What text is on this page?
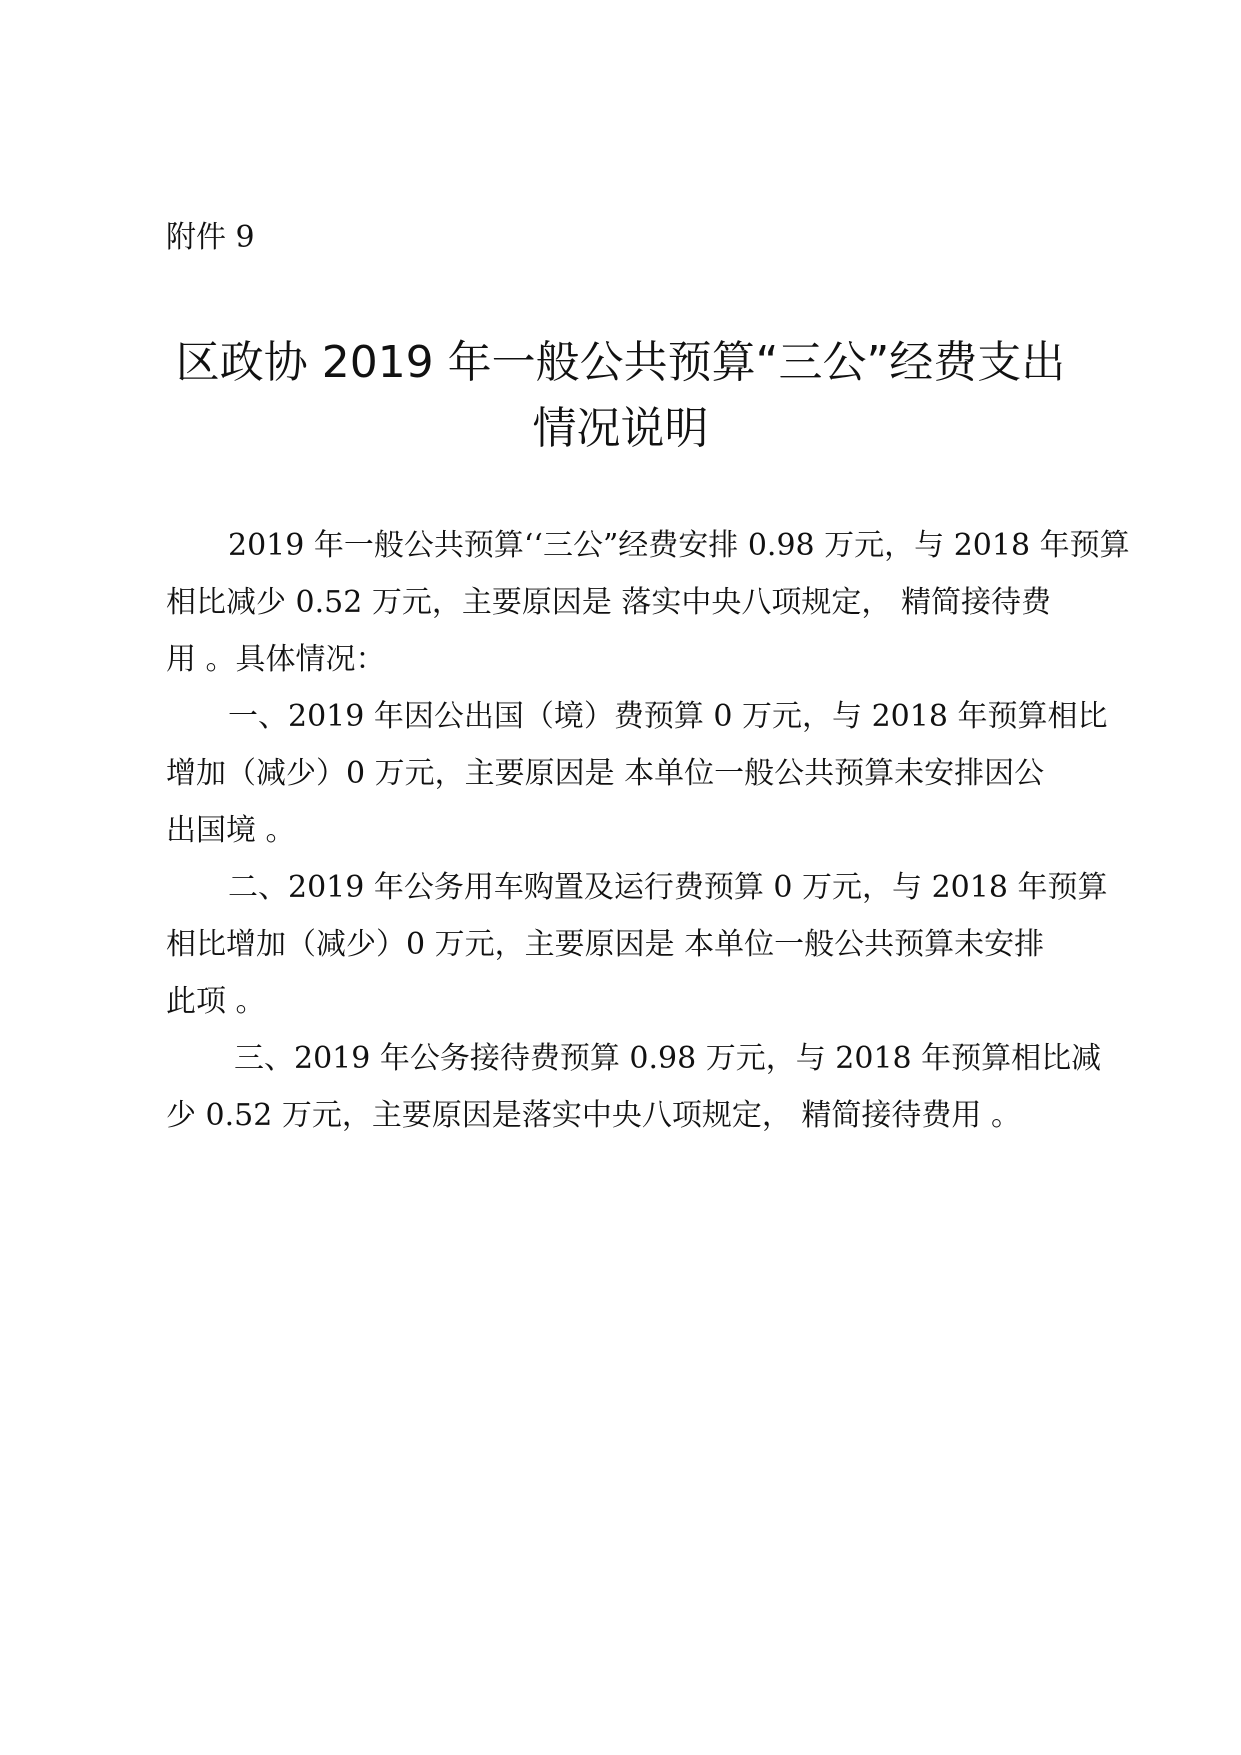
附件 9
区政协 2019 年一般公共预算“三公”经费支出
情况说明

2019 年一般公共预算‘‘三公”经费安排 0.98 万元，与 2018 年预算
相比减少 0.52 万元，主要原因是 落实中央八项规定， 精简接待费
用 。具体情况：

一、2019 年因公出国（境）费预算 0 万元，与 2018 年预算相比
增加（减少）0 万元，主要原因是 本单位一般公共预算未安排因公
出国境 。

二、2019 年公务用车购置及运行费预算 0 万元，与 2018 年预算
相比增加（减少）0 万元，主要原因是 本单位一般公共预算未安排
此项 。

三、2019 年公务接待费预算 0.98 万元，与 2018 年预算相比减
少 0.52 万元，主要原因是落实中央八项规定， 精简接待费用 。
